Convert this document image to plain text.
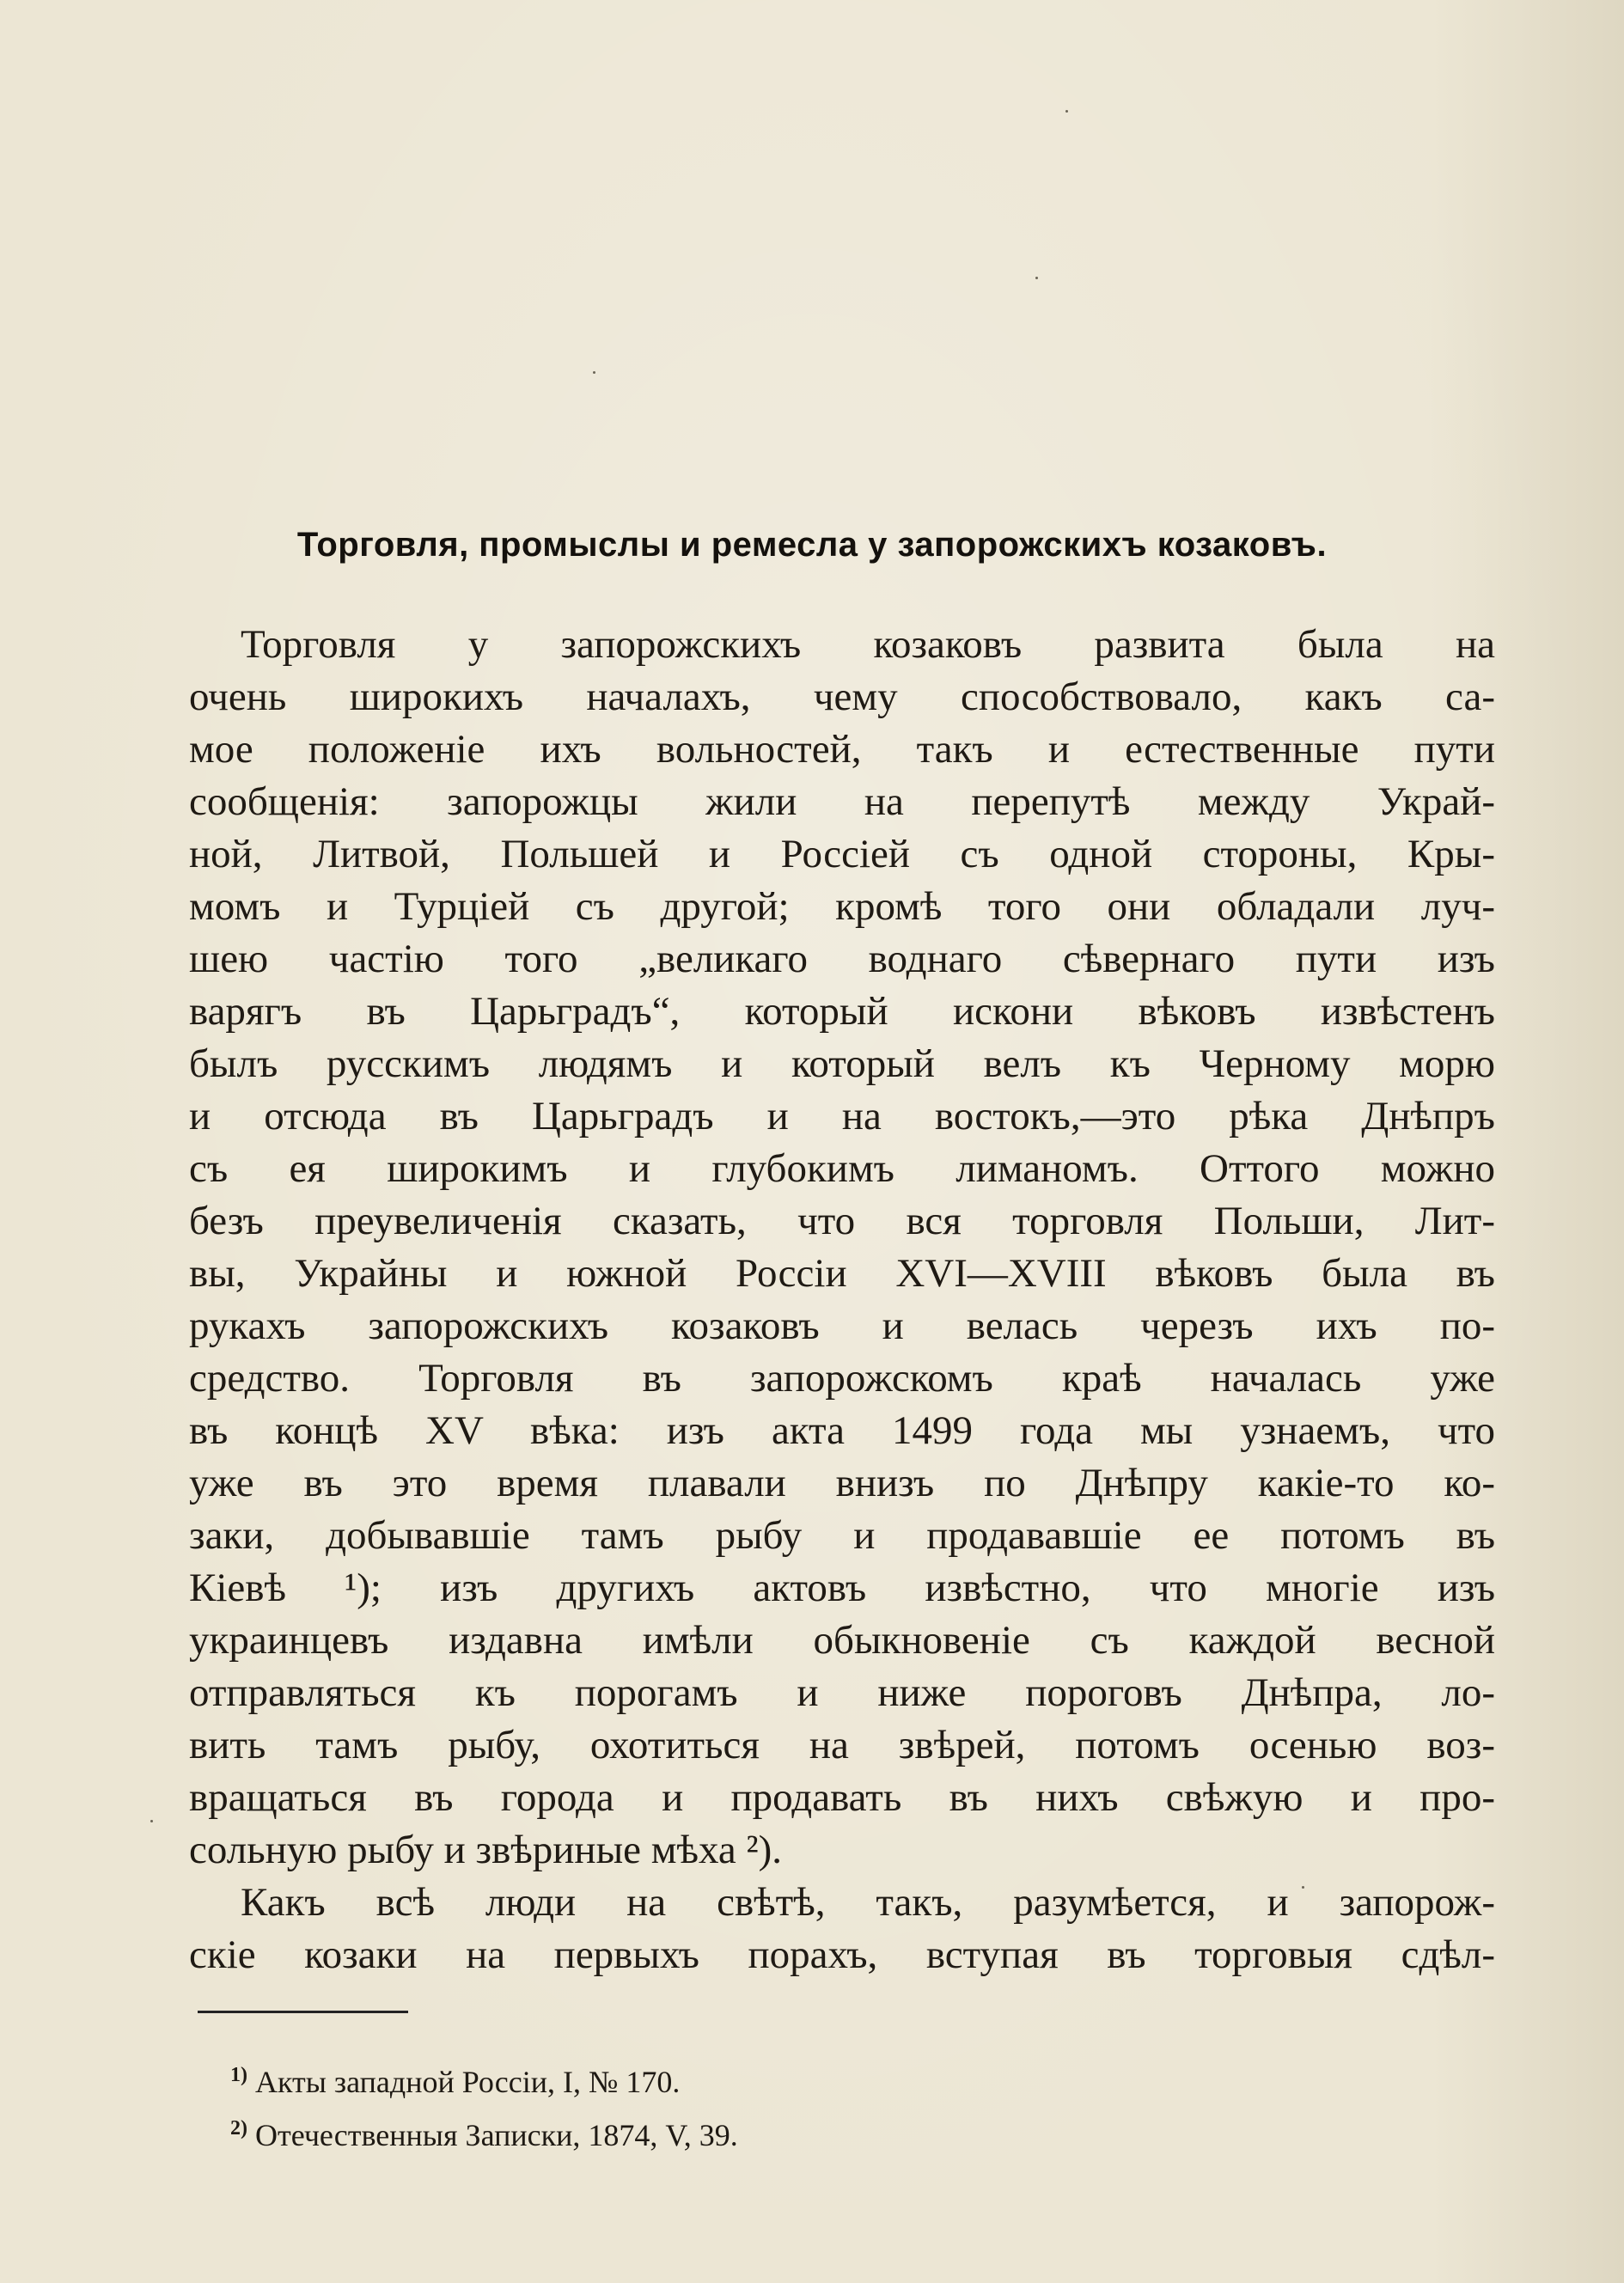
Торговля, промыслы и ремесла у запорожскихъ козаковъ.
Торговля у запорожскихъ козаковъ развита была на
очень широкихъ началахъ, чему способствовало, какъ са-
мое положенiе ихъ вольностей, такъ и естественные пути
сообщенiя: запорожцы жили на перепутѣ между Украй-
ной, Литвой, Польшей и Россiей съ одной стороны, Кры-
момъ и Турцiей съ другой; кромѣ того они обладали луч-
шею частiю того „великаго воднаго сѣвернаго пути изъ
варягъ въ Царьградъ“, который искони вѣковъ извѣстенъ
былъ русскимъ людямъ и который велъ къ Черному морю
и отсюда въ Царьградъ и на востокъ,—это рѣка Днѣпръ
съ ея широкимъ и глубокимъ лиманомъ. Оттого можно
безъ преувеличенiя сказать, что вся торговля Польши, Лит-
вы, Украйны и южной Россiи XVI—XVIII вѣковъ была въ
рукахъ запорожскихъ козаковъ и велась черезъ ихъ по-
средство. Торговля въ запорожскомъ краѣ началась уже
въ концѣ XV вѣка: изъ акта 1499 года мы узнаемъ, что
уже въ это время плавали внизъ по Днѣпру какiе-то ко-
заки, добывавшiе тамъ рыбу и продававшiе ее потомъ въ
Кiевѣ ¹); изъ другихъ актовъ извѣстно, что многiе изъ
украинцевъ издавна имѣли обыкновенiе съ каждой весной
отправляться къ порогамъ и ниже пороговъ Днѣпра, ло-
вить тамъ рыбу, охотиться на звѣрей, потомъ осенью воз-
вращаться въ города и продавать въ нихъ свѣжую и про-
сольную рыбу и звѣриные мѣха ²).
Какъ всѣ люди на свѣтѣ, такъ, разумѣется, и запорож-
скiе козаки на первыхъ порахъ, вступая въ торговыя сдѣл-
$^{1)}$ Акты западной Россiи, I, № 170.
$^{2)}$ Отечественныя Записки, 1874, V, 39.
